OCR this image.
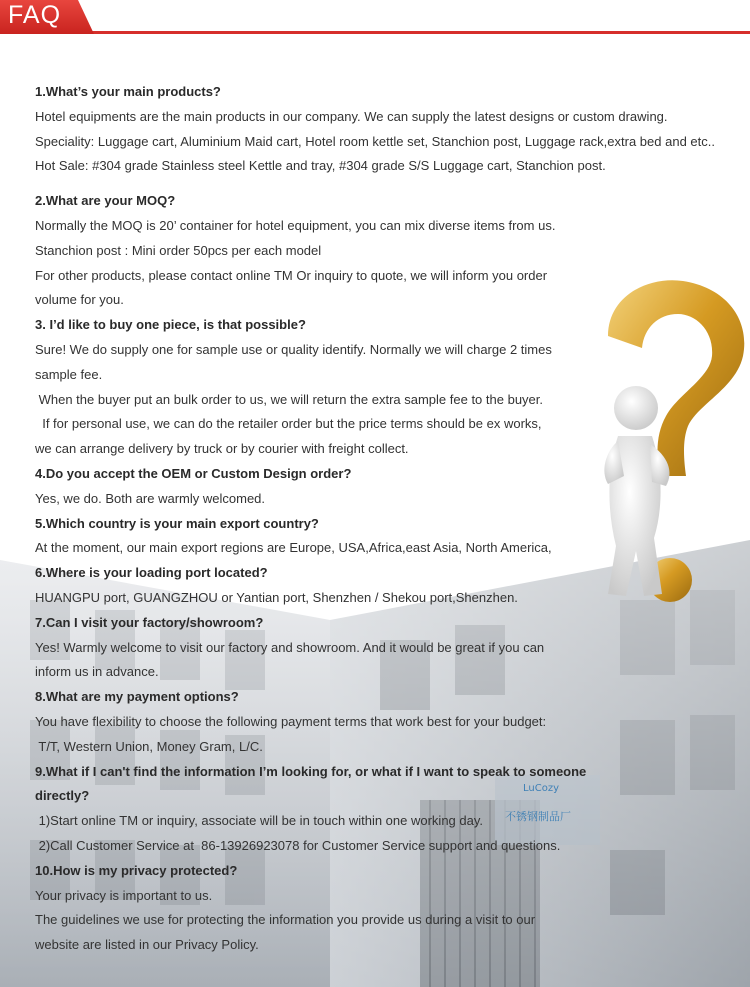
LuCozy
不锈钢制品厂
FAQ

1.What’s your main products?

Hotel equipments are the main products in our company. We can supply the latest designs or custom drawing.

Speciality: Luggage cart, Aluminium Maid cart, Hotel room kettle set, Stanchion post, Luggage rack,extra bed and etc..

Hot Sale: #304 grade Stainless steel Kettle and tray, #304 grade S/S Luggage cart, Stanchion post.

2.What are your MOQ?

Normally the MOQ is 20’ container for hotel equipment, you can mix diverse items from us.

Stanchion post : Mini order 50pcs per each model

For other products, please contact online TM Or inquiry to quote, we will inform you order

volume for you.

3. I’d like to buy one piece, is that possible?

Sure! We do supply one for sample use or quality identify. Normally we will charge 2 times

sample fee.

When the buyer put an bulk order to us, we will return the extra sample fee to the buyer.

If for personal use, we can do the retailer order but the price terms should be ex works,

we can arrange delivery by truck or by courier with freight collect.

4.Do you accept the OEM or Custom Design order?

Yes, we do. Both are warmly welcomed.

5.Which country is your main export country?

At the moment, our main export regions are Europe, USA,Africa,east Asia, North America,

6.Where is your loading port located?

HUANGPU port, GUANGZHOU or Yantian port, Shenzhen / Shekou port,Shenzhen.

7.Can I visit your factory/showroom?

Yes! Warmly welcome to visit our factory and showroom. And it would be great if you can

inform us in advance.

8.What are my payment options?

You have flexibility to choose the following payment terms that work best for your budget:

T/T, Western Union, Money Gram, L/C.

9.What if I can't find the information I’m looking for, or what if I want to speak to someone

directly?

1)Start online TM or inquiry, associate will be in touch within one working day.

2)Call Customer Service at  86-13926923078 for Customer Service support and questions.

10.How is my privacy protected?

Your privacy is important to us.

The guidelines we use for protecting the information you provide us during a visit to our

website are listed in our Privacy Policy.
